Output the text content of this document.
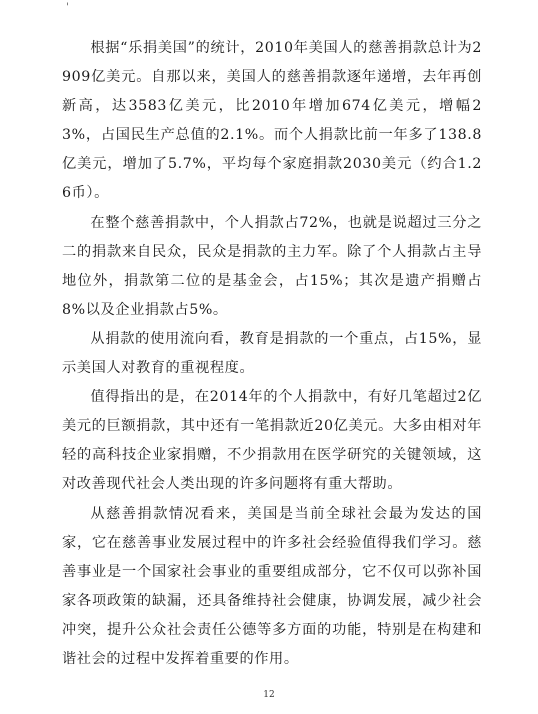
'

根据“乐捐美国”的统计，2010年美国人的慈善捐款总计为2909亿美元。自那以来，美国人的慈善捐款逐年递增，去年再创新高，达3583亿美元，比2010年增加674亿美元，增幅23%，占国民生产总值的2.1%。而个人捐款比前一年多了138.8亿美元，增加了5.7%，平均每个家庭捐款2030美元（约合1.26币）。

在整个慈善捐款中，个人捐款占72%，也就是说超过三分之二的捐款来自民众，民众是捐款的主力军。除了个人捐款占主导地位外，捐款第二位的是基金会，占15%；其次是遗产捐赠占8%以及企业捐款占5%。

从捐款的使用流向看，教育是捐款的一个重点，占15%，显示美国人对教育的重视程度。

值得指出的是，在2014年的个人捐款中，有好几笔超过2亿美元的巨额捐款，其中还有一笔捐款近20亿美元。大多由相对年轻的高科技企业家捐赠，不少捐款用在医学研究的关键领域，这对改善现代社会人类出现的许多问题将有重大帮助。

从慈善捐款情况看来，美国是当前全球社会最为发达的国家，它在慈善事业发展过程中的许多社会经验值得我们学习。慈善事业是一个国家社会事业的重要组成部分，它不仅可以弥补国家各项政策的缺漏，还具备维持社会健康，协调发展，减少社会冲突，提升公众社会责任公德等多方面的功能，特别是在构建和谐社会的过程中发挥着重要的作用。

12
